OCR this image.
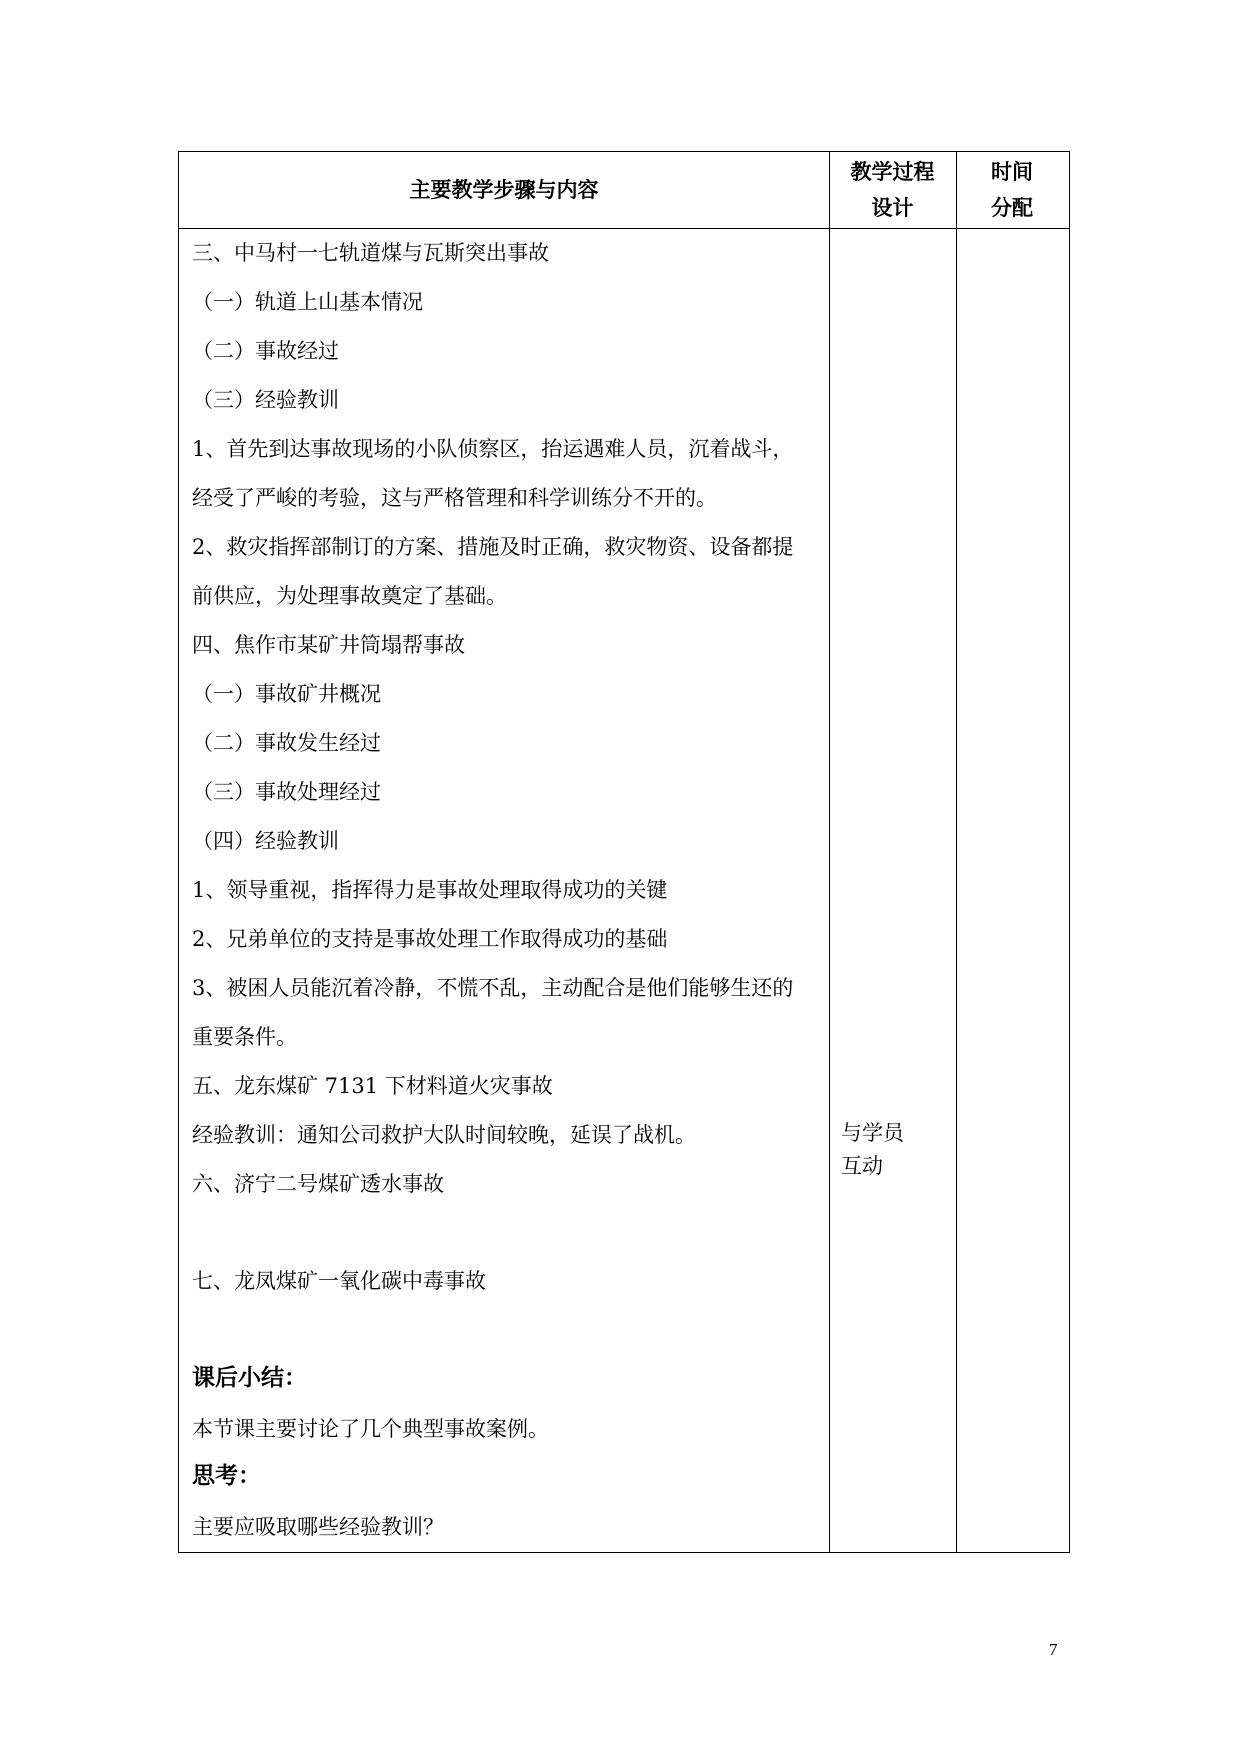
主要教学步骤与内容
教学过程
设计
时间
分配
三、中马村一七轨道煤与瓦斯突出事故
（一）轨道上山基本情况
（二）事故经过
（三）经验教训
1、首先到达事故现场的小队侦察区，抬运遇难人员，沉着战斗，
经受了严峻的考验，这与严格管理和科学训练分不开的。
2、救灾指挥部制订的方案、措施及时正确，救灾物资、设备都提
前供应，为处理事故奠定了基础。
四、焦作市某矿井筒塌帮事故
（一）事故矿井概况
（二）事故发生经过
（三）事故处理经过
（四）经验教训
1、领导重视，指挥得力是事故处理取得成功的关键
2、兄弟单位的支持是事故处理工作取得成功的基础
3、被困人员能沉着冷静，不慌不乱，主动配合是他们能够生还的
重要条件。
五、龙东煤矿 7131 下材料道火灾事故
经验教训：通知公司救护大队时间较晚，延误了战机。
六、济宁二号煤矿透水事故
七、龙凤煤矿一氧化碳中毒事故
课后小结：
本节课主要讨论了几个典型事故案例。
思考：
主要应吸取哪些经验教训？
与学员
互动
7
